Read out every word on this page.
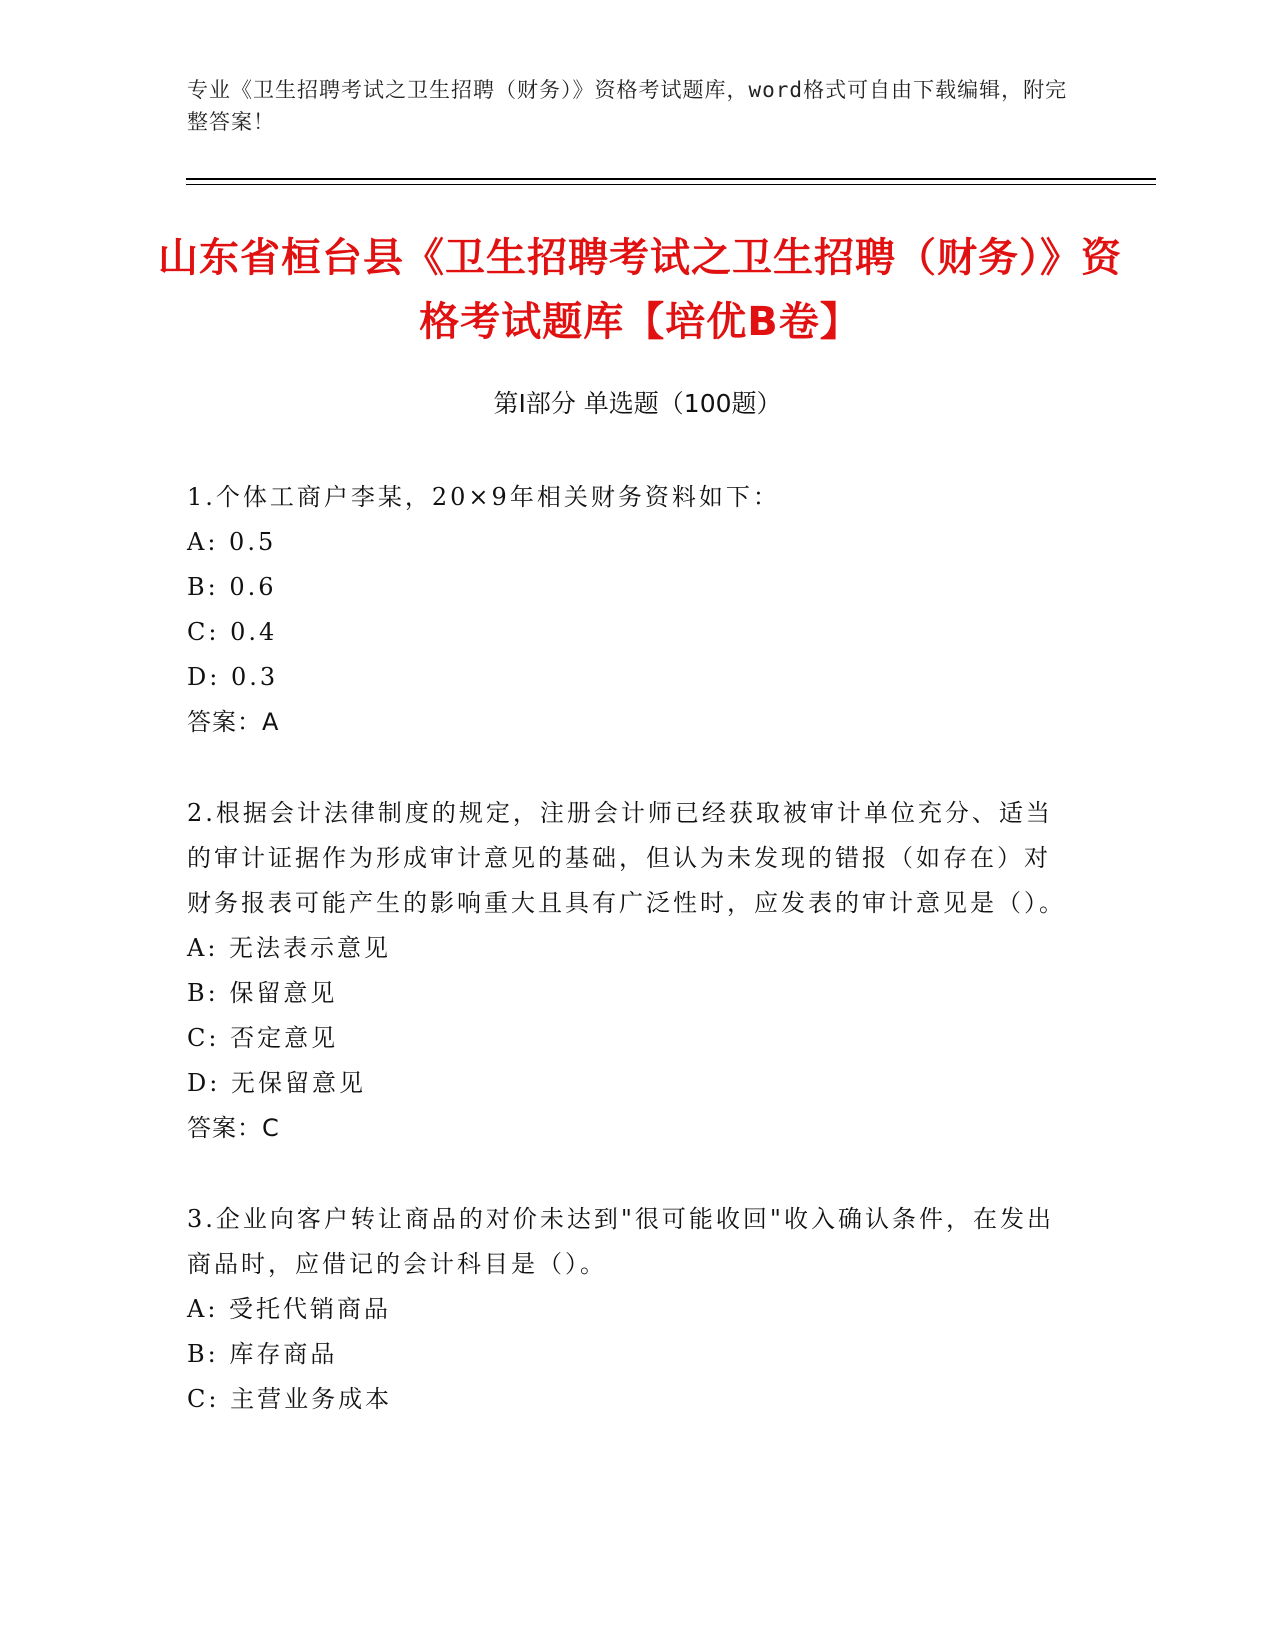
专业《卫生招聘考试之卫生招聘（财务）》资格考试题库，word格式可自由下载编辑，附完整答案！
山东省桓台县《卫生招聘考试之卫生招聘（财务）》资格考试题库【培优B卷】
第Ⅰ部分 单选题（100题）

1.个体工商户李某，20×9年相关财务资料如下：

A: 0.5

B: 0.6

C: 0.4

D: 0.3

答案：A

2.根据会计法律制度的规定，注册会计师已经获取被审计单位充分、适当的审计证据作为形成审计意见的基础，但认为未发现的错报（如存在）对财务报表可能产生的影响重大且具有广泛性时，应发表的审计意见是（）。

A: 无法表示意见

B: 保留意见

C: 否定意见

D: 无保留意见

答案：C

3.企业向客户转让商品的对价未达到"很可能收回"收入确认条件，在发出商品时，应借记的会计科目是（）。

A: 受托代销商品

B: 库存商品

C: 主营业务成本
